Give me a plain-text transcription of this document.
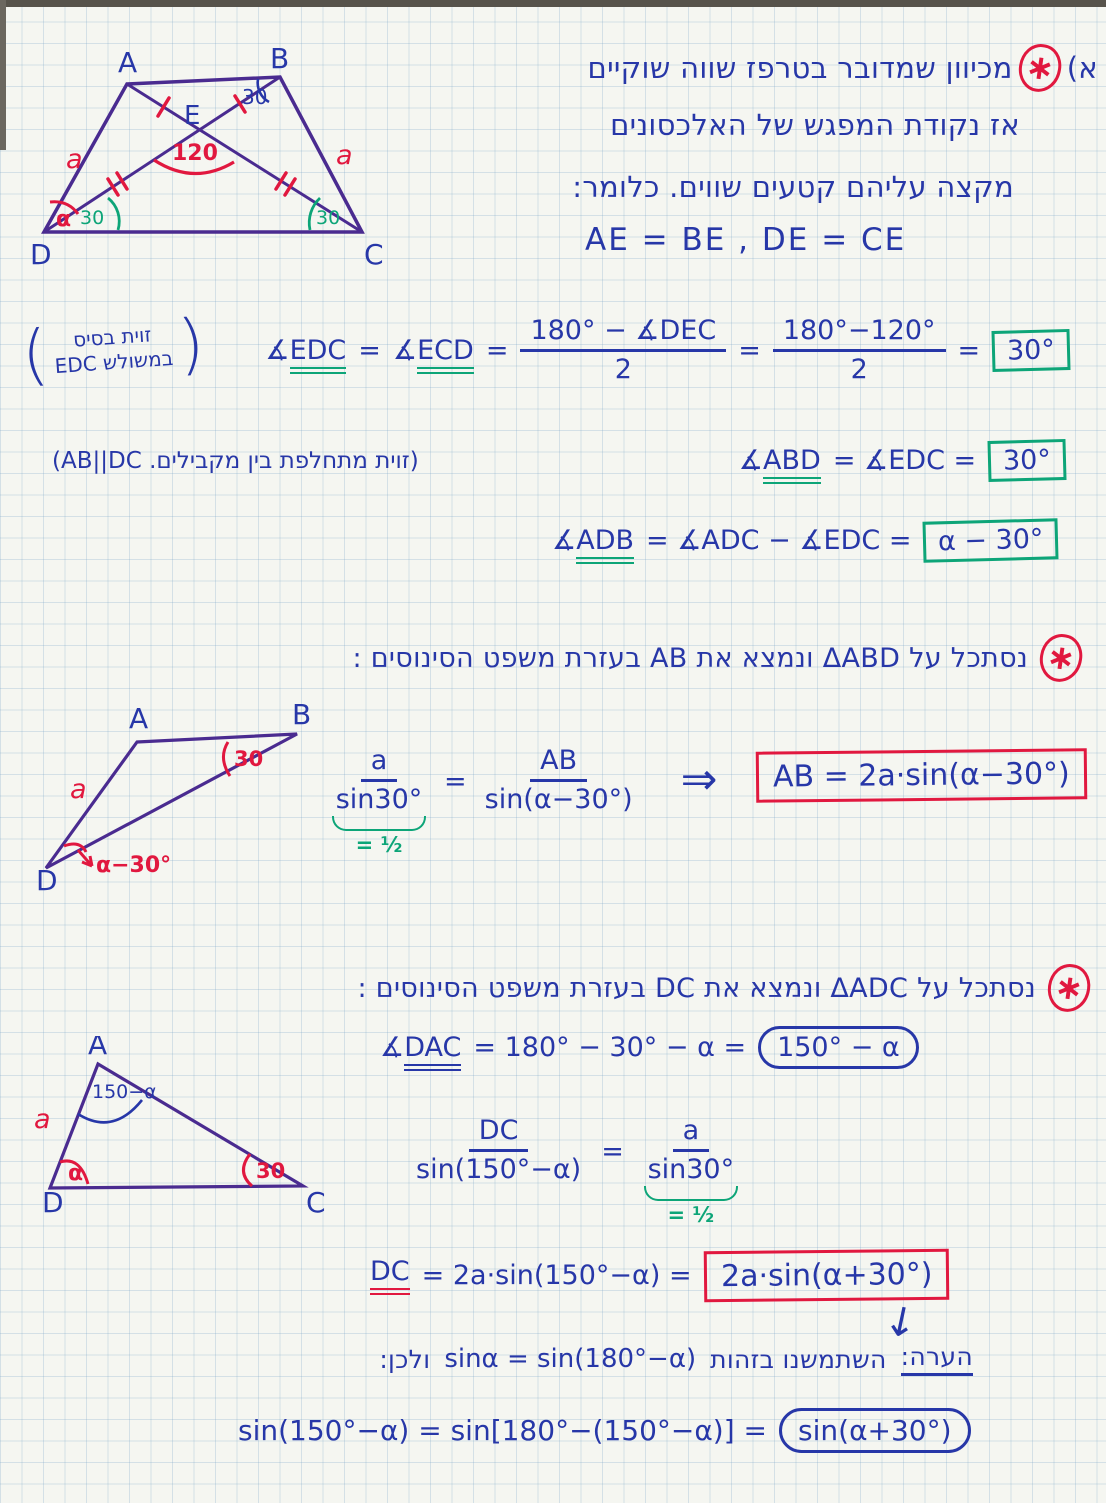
א)
∗
מכיוון שמדובר בטרפז שווה שוקיים
אז נקודת המפגש של האלכסונים
מקצה עליהם קטעים שווים. כלומר:
AE = BE , DE = CE
A	B
C
D
E
30
120
α 30	30
a	a
(	זוית בסיס
במשולש EDC ) ∡EDC = ∡ECD = $\frac{\text{180° − ∡DEC}}{2} = \frac{180^\circ-120^\circ}{2} = 30^\circ$
(זוית מתחלפת בין מקבילים. AB||DC)	∡ABD = ∡EDC = 30°
∡ADB = ∡ADC − ∡EDC = α − 30°
∗
נסתכל על ΔABD ונמצא את AB בעזרת משפט הסינוסים :
A	B
D
30
α−30°
a	$\frac{a}{\sin 30^\circ}$
= ½
= $\frac{AB}{\sin(\alpha-30^\circ)}$ ⇒	AB = 2a·sin(α−30°)
∗
נסתכל על ΔADC ונמצא את DC בעזרת משפט הסינוסים :
∡DAC = 180° − 30° − α =	150° − α
A
D	C
150−α
α	30
a	$\frac{DC}{\sin(150^\circ-\alpha)} = \frac{a}{\sin 30^\circ}$
= ½
DC = 2a·sin(150°−α) = 2a·sin(α+30°)
↓
הערה:
השתמשנו בזהות
sinα = sin(180°−α)
ולכן:
sin(150°−α) = sin[180°−(150°−α)] =	sin(α+30°)
